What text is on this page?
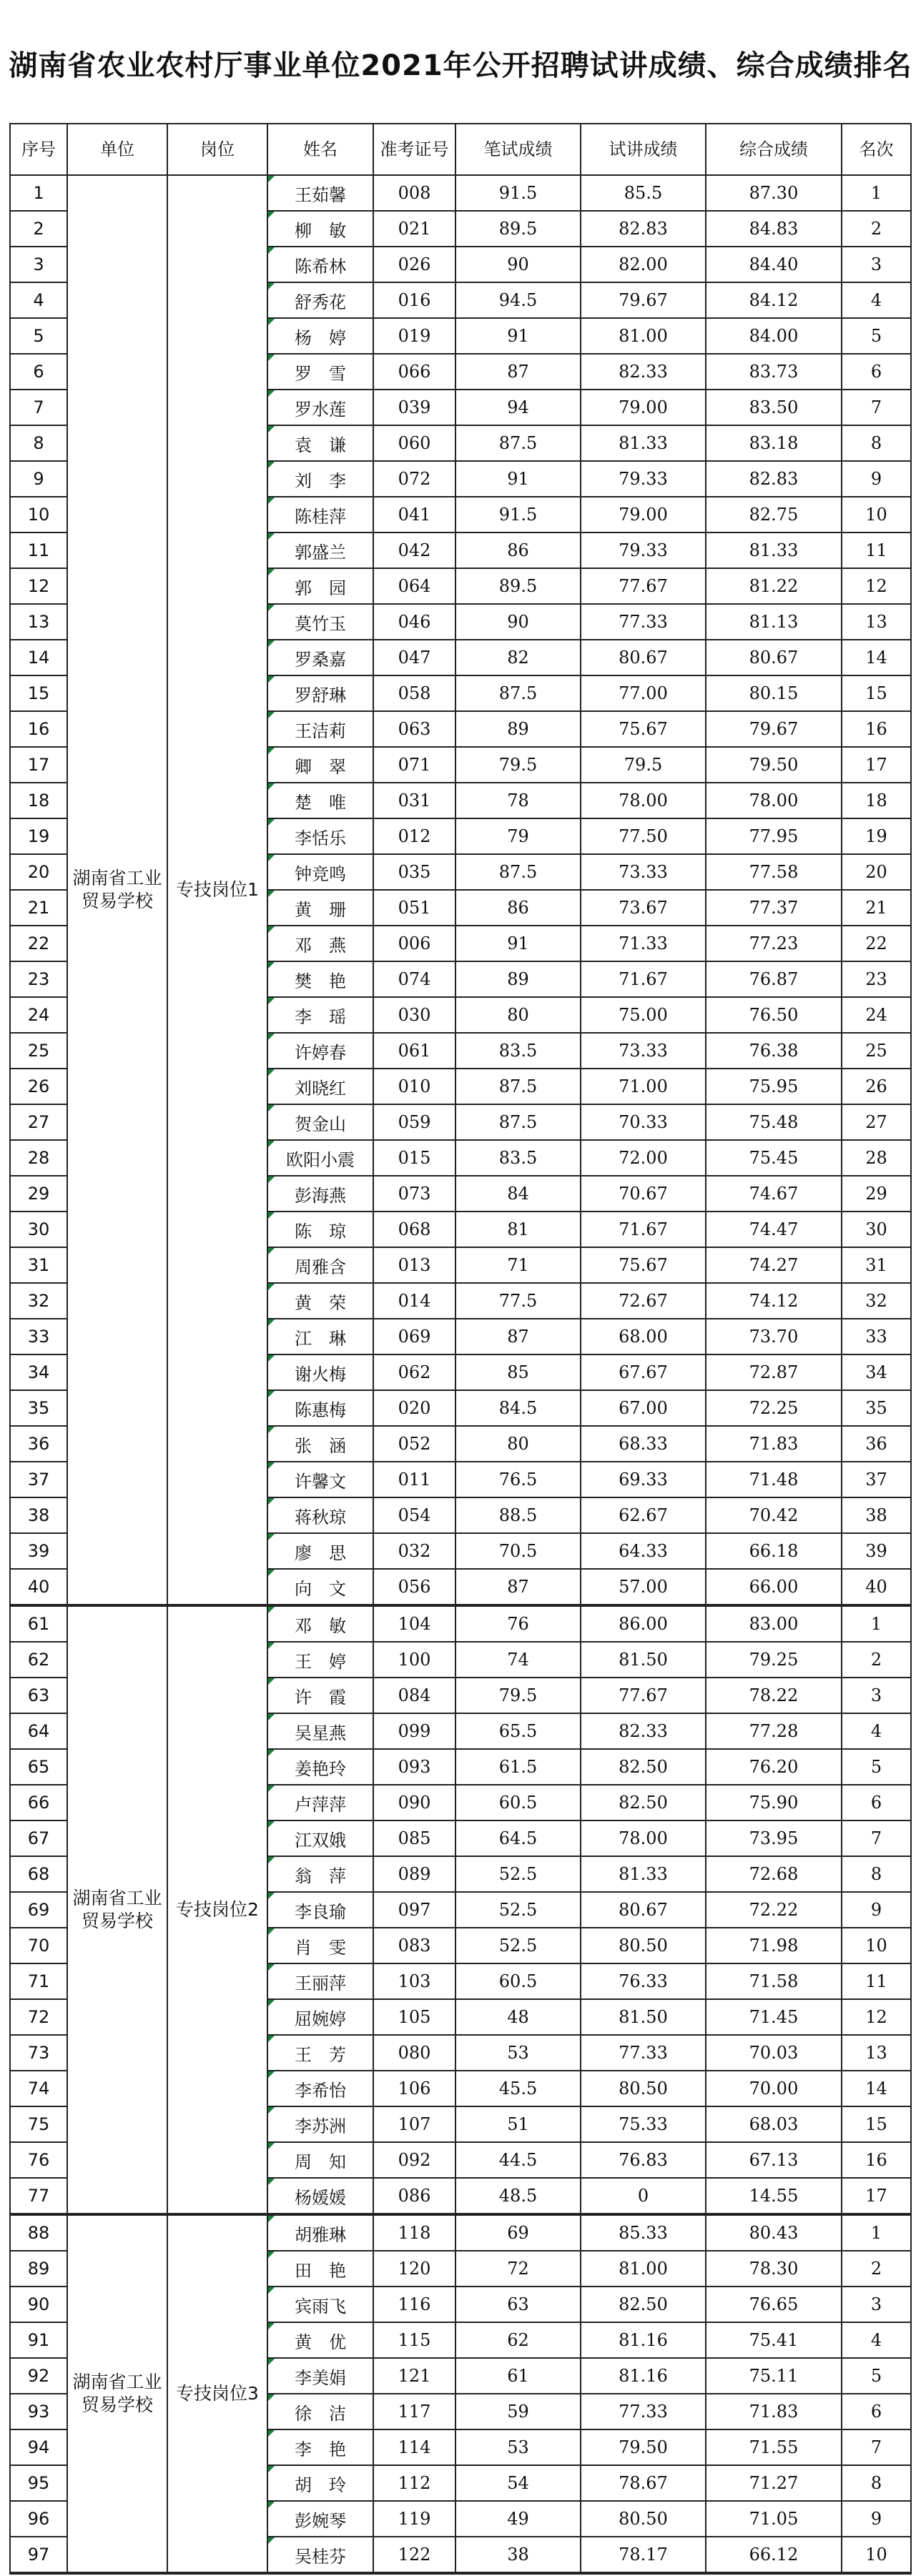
湖南省农业农村厅事业单位2021年公开招聘试讲成绩、综合成绩排名
序号	单位	岗位	姓名	准考证号	笔试成绩	试讲成绩	综合成绩	名次
1	湖南省工业贸易学校	专技岗位1	王茹馨	008	91.5	85.5	87.30	1
2			柳　敏	021	89.5	82.83	84.83	2
3			陈希林	026	90	82.00	84.40	3
4			舒秀花	016	94.5	79.67	84.12	4
5			杨　婷	019	91	81.00	84.00	5
6			罗　雪	066	87	82.33	83.73	6
7			罗水莲	039	94	79.00	83.50	7
8			袁　谦	060	87.5	81.33	83.18	8
9			刘　李	072	91	79.33	82.83	9
10			陈桂萍	041	91.5	79.00	82.75	10
11			郭盛兰	042	86	79.33	81.33	11
12			郭　园	064	89.5	77.67	81.22	12
13			莫竹玉	046	90	77.33	81.13	13
14			罗桑嘉	047	82	80.67	80.67	14
15			罗舒琳	058	87.5	77.00	80.15	15
16			王洁莉	063	89	75.67	79.67	16
17			卿　翠	071	79.5	79.5	79.50	17
18			楚　唯	031	78	78.00	78.00	18
19			李恬乐	012	79	77.50	77.95	19
20			钟竞鸣	035	87.5	73.33	77.58	20
21			黄　珊	051	86	73.67	77.37	21
22			邓　燕	006	91	71.33	77.23	22
23			樊　艳	074	89	71.67	76.87	23
24			李　瑶	030	80	75.00	76.50	24
25			许婷春	061	83.5	73.33	76.38	25
26			刘晓红	010	87.5	71.00	75.95	26
27			贺金山	059	87.5	70.33	75.48	27
28			欧阳小震	015	83.5	72.00	75.45	28
29			彭海燕	073	84	70.67	74.67	29
30			陈　琼	068	81	71.67	74.47	30
31			周雅含	013	71	75.67	74.27	31
32			黄　荣	014	77.5	72.67	74.12	32
33			江　琳	069	87	68.00	73.70	33
34			谢火梅	062	85	67.67	72.87	34
35			陈惠梅	020	84.5	67.00	72.25	35
36			张　涵	052	80	68.33	71.83	36
37			许馨文	011	76.5	69.33	71.48	37
38			蒋秋琼	054	88.5	62.67	70.42	38
39			廖　思	032	70.5	64.33	66.18	39
40			向　文	056	87	57.00	66.00	40
61	湖南省工业贸易学校	专技岗位2	邓　敏	104	76	86.00	83.00	1
62			王　婷	100	74	81.50	79.25	2
63			许　霞	084	79.5	77.67	78.22	3
64			吴星燕	099	65.5	82.33	77.28	4
65			姜艳玲	093	61.5	82.50	76.20	5
66			卢萍萍	090	60.5	82.50	75.90	6
67			江双娥	085	64.5	78.00	73.95	7
68			翁　萍	089	52.5	81.33	72.68	8
69			李良瑜	097	52.5	80.67	72.22	9
70			肖　雯	083	52.5	80.50	71.98	10
71			王丽萍	103	60.5	76.33	71.58	11
72			屈婉婷	105	48	81.50	71.45	12
73			王　芳	080	53	77.33	70.03	13
74			李希怡	106	45.5	80.50	70.00	14
75			李苏洲	107	51	75.33	68.03	15
76			周　知	092	44.5	76.83	67.13	16
77			杨媛媛	086	48.5	0	14.55	17
88	湖南省工业贸易学校	专技岗位3	胡雅琳	118	69	85.33	80.43	1
89			田　艳	120	72	81.00	78.30	2
90			宾雨飞	116	63	82.50	76.65	3
91			黄　优	115	62	81.16	75.41	4
92			李美娟	121	61	81.16	75.11	5
93			徐　洁	117	59	77.33	71.83	6
94			李　艳	114	53	79.50	71.55	7
95			胡　玲	112	54	78.67	71.27	8
96			彭婉琴	119	49	80.50	71.05	9
97			吴桂芬	122	38	78.17	66.12	10
